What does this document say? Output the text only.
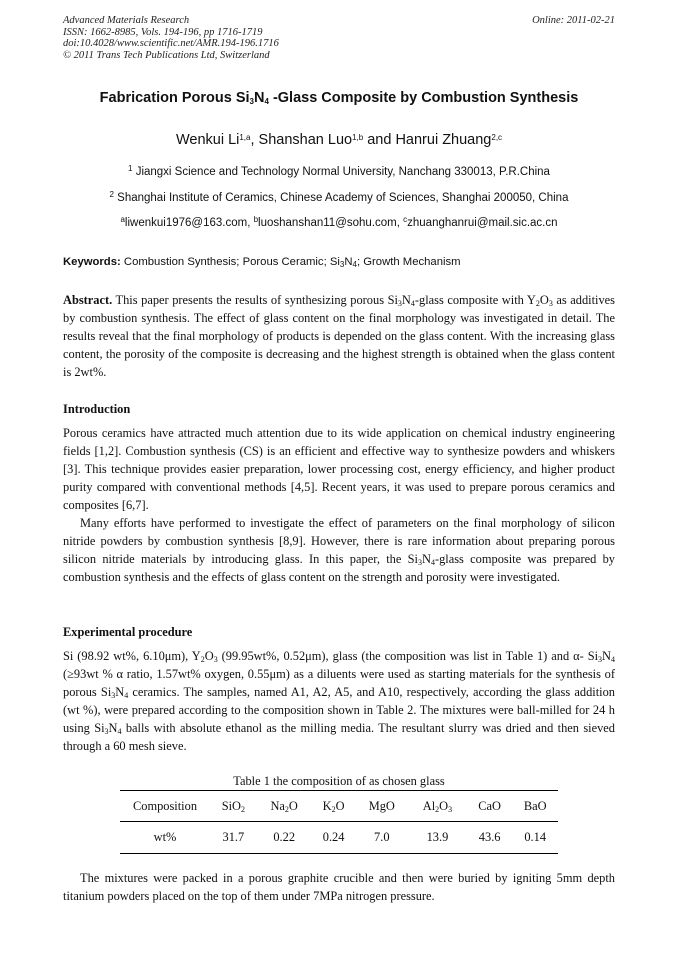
Advanced Materials Research
ISSN: 1662-8985, Vols. 194-196, pp 1716-1719
doi:10.4028/www.scientific.net/AMR.194-196.1716
© 2011 Trans Tech Publications Ltd, Switzerland
Online: 2011-02-21
Fabrication Porous $Si_3N_4$ -Glass Composite by Combustion Synthesis
Wenkui Li$^{1,a}$, Shanshan Luo$^{1,b}$ and Hanrui Zhuang$^{2,c}$
$^1$ Jiangxi Science and Technology Normal University, Nanchang 330013, P.R.China
$^2$ Shanghai Institute of Ceramics, Chinese Academy of Sciences, Shanghai 200050, China
$^a$liwenkui1976@163.com, $^b$luoshanshan11@sohu.com, $^c$zhuanghanrui@mail.sic.ac.cn
Keywords: Combustion Synthesis; Porous Ceramic; $Si_3N_4$; Growth Mechanism

Abstract. This paper presents the results of synthesizing porous $Si_3N_4$-glass composite with $Y_2O_3$ as additives by combustion synthesis. The effect of glass content on the final morphology was investigated in detail. The results reveal that the final morphology of products is depended on the glass content. With the increasing glass content, the porosity of the composite is decreasing and the highest strength is obtained when the glass content is 2wt%.

Introduction

Porous ceramics have attracted much attention due to its wide application on chemical industry engineering fields [1,2]. Combustion synthesis (CS) is an efficient and effective way to synthesize powders and whiskers [3]. This technique provides easier preparation, lower processing cost, energy efficiency, and higher product purity compared with conventional methods [4,5]. Recent years, it was used to prepare porous ceramics and composites [6,7].

Many efforts have performed to investigate the effect of parameters on the final morphology of silicon nitride powders by combustion synthesis [8,9]. However, there is rare information about preparing porous silicon nitride materials by introducing glass. In this paper, the $Si_3N_4$-glass composite was prepared by combustion synthesis and the effects of glass content on the strength and porosity were investigated.

Experimental procedure

Si (98.92 wt%, 6.10μm), $Y_2O_3$ (99.95wt%, 0.52μm), glass (the composition was list in Table 1) and α- $Si_3N_4$ (≥93wt % α ratio, 1.57wt% oxygen, 0.55μm) as a diluents were used as starting materials for the synthesis of porous $Si_3N_4$ ceramics. The samples, named A1, A2, A5, and A10, respectively, according the glass addition (wt %), were prepared according to the composition shown in Table 2. The mixtures were ball-milled for 24 h using $Si_3N_4$ balls with absolute ethanol as the milling media. The resultant slurry was dried and then sieved through a 60 mesh sieve.

Table 1 the composition of as chosen glass
Composition	SiO$_2$	$Na_2O$	$K_2O$	MgO	$Al_2O_3$	CaO	BaO
wt%	31.7	0.22	0.24	7.0	13.9	43.6	0.14

The mixtures were packed in a porous graphite crucible and then were buried by igniting 5mm depth titanium powders placed on the top of them under 7MPa nitrogen pressure.
